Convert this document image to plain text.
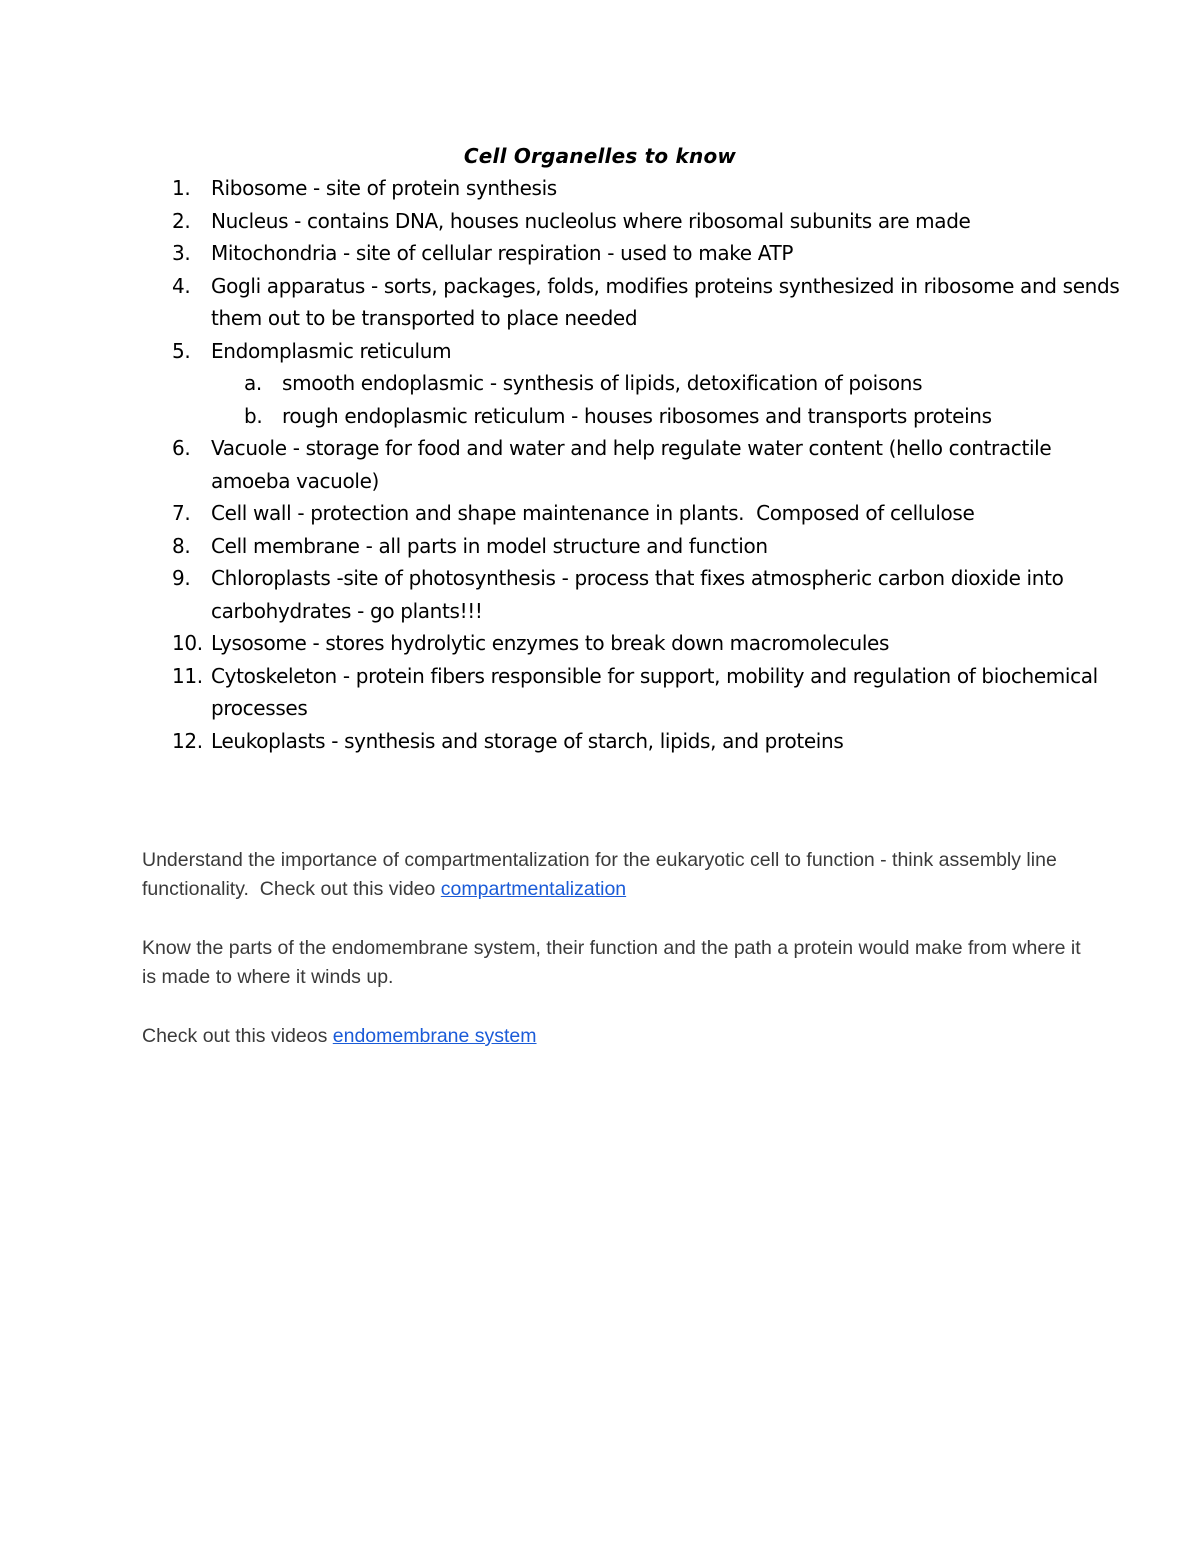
Cell Organelles to know
1.	Ribosome - site of protein synthesis
2.	Nucleus - contains DNA, houses nucleolus where ribosomal subunits are made
3.	Mitochondria - site of cellular respiration - used to make ATP
4.	Gogli apparatus - sorts, packages, folds, modifies proteins synthesized in ribosome and sends them out to be transported to place needed
5.	Endomplasmic reticulum
a.	smooth endoplasmic - synthesis of lipids, detoxification of poisons
b. rough endoplasmic reticulum - houses ribosomes and transports proteins
6.	Vacuole - storage for food and water and help regulate water content (hello contractile amoeba vacuole)
7.	Cell wall - protection and shape maintenance in plants.  Composed of cellulose
8.	Cell membrane - all parts in model structure and function
9.	Chloroplasts -site of photosynthesis - process that fixes atmospheric carbon dioxide into carbohydrates - go plants!!!
10. Lysosome - stores hydrolytic enzymes to break down macromolecules
11. Cytoskeleton - protein fibers responsible for support, mobility and regulation of biochemical processes
12. Leukoplasts - synthesis and storage of starch, lipids, and proteins

Understand the importance of compartmentalization for the eukaryotic cell to function - think assembly line functionality.  Check out this video compartmentalization

Know the parts of the endomembrane system, their function and the path a protein would make from where it is made to where it winds up.

Check out this videos endomembrane system
